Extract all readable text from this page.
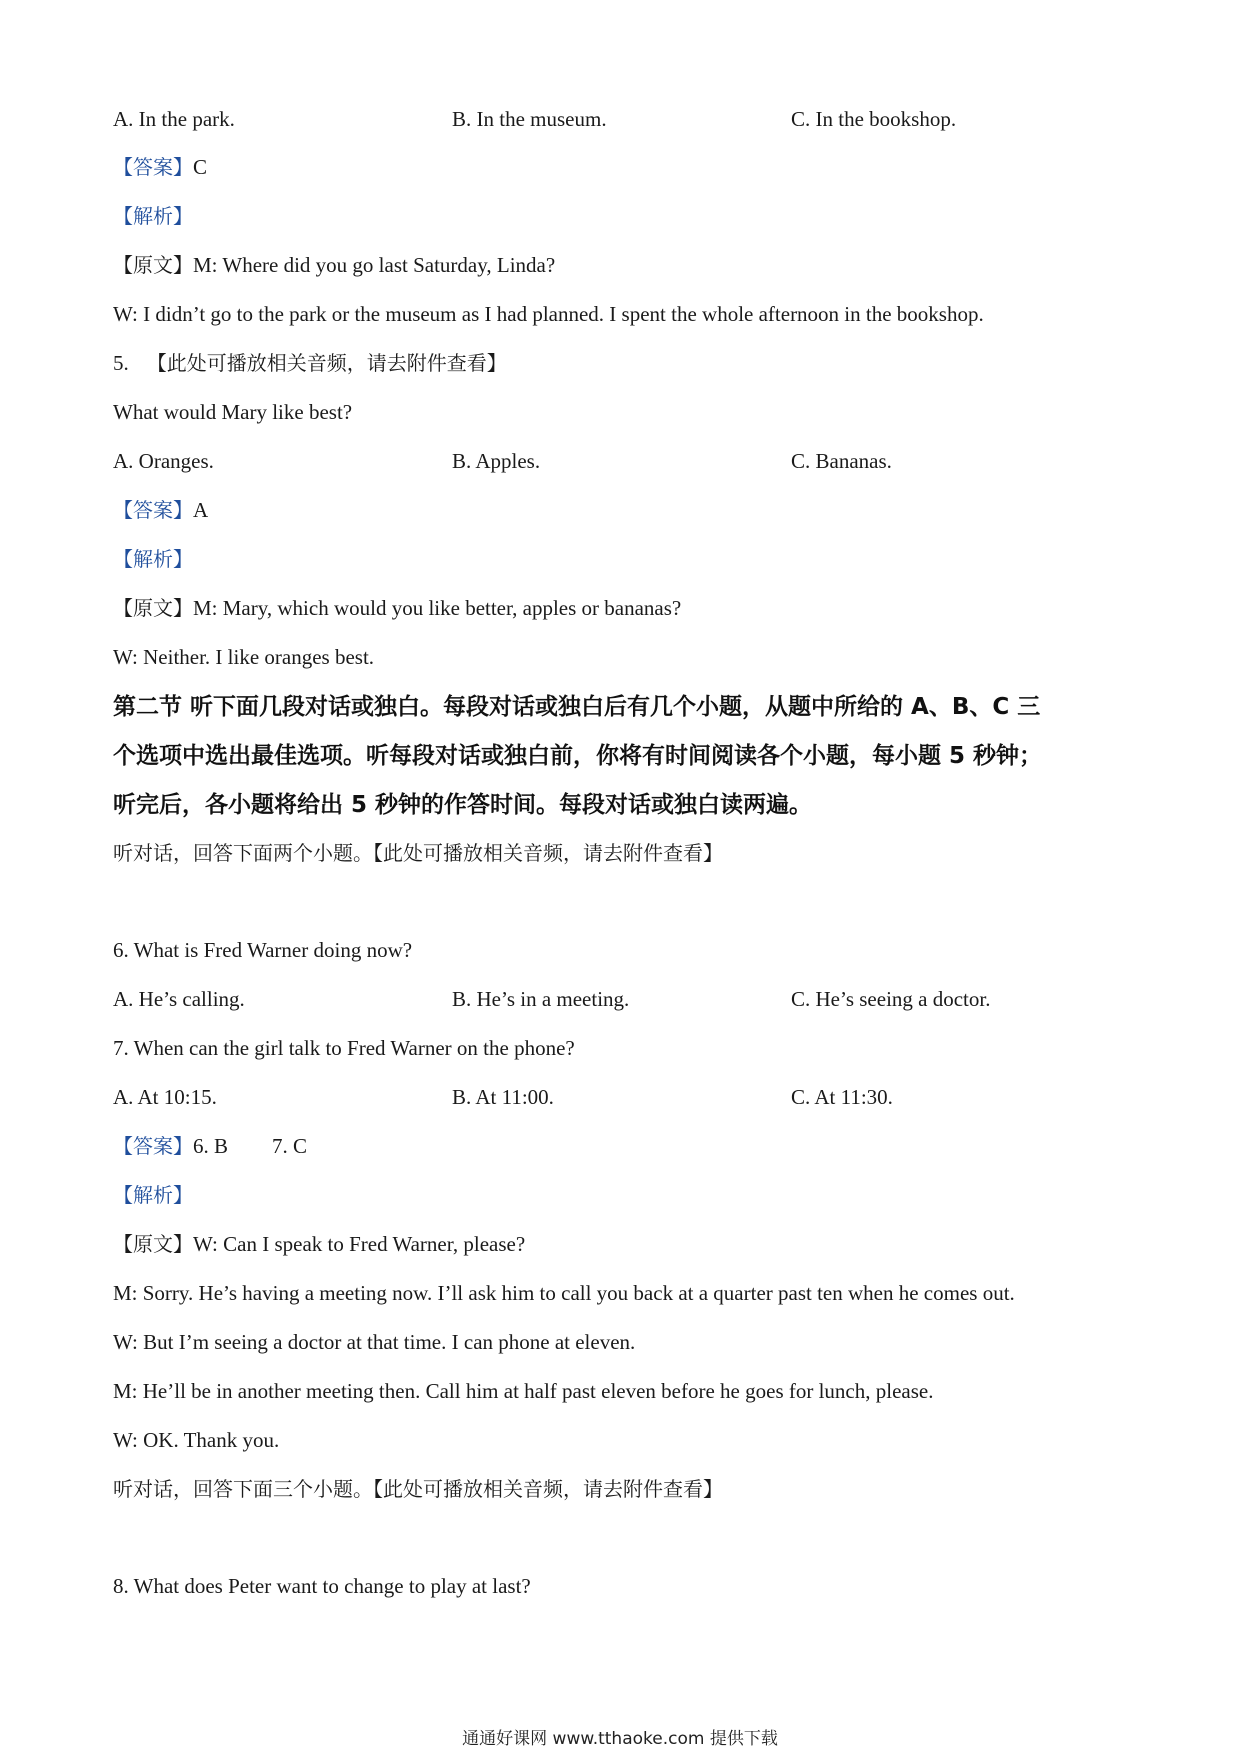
A. In the park.	B. In the museum.	C. In the bookshop.
【答案】C
【解析】
【原文】M: Where did you go last Saturday, Linda?
W: I didn’t go to the park or the museum as I had planned. I spent the whole afternoon in the bookshop.
5. 【此处可播放相关音频，请去附件查看】
What would Mary like best?
A. Oranges.	B. Apples.	C. Bananas.
【答案】A
【解析】
【原文】M: Mary, which would you like better, apples or bananas?
W: Neither. I like oranges best.
第二节 听下面几段对话或独白。每段对话或独白后有几个小题，从题中所给的 A、B、C 三
个选项中选出最佳选项。听每段对话或独白前，你将有时间阅读各个小题，每小题 5 秒钟；
听完后，各小题将给出 5 秒钟的作答时间。每段对话或独白读两遍。
听对话，回答下面两个小题。【此处可播放相关音频，请去附件查看】
6. What is Fred Warner doing now?
A. He’s calling.	B. He’s in a meeting.	C. He’s seeing a doctor.
7. When can the girl talk to Fred Warner on the phone?
A. At 10:15.	B. At 11:00.	C. At 11:30.
【答案】6. B 7. C
【解析】
【原文】W: Can I speak to Fred Warner, please?
M: Sorry. He’s having a meeting now. I’ll ask him to call you back at a quarter past ten when he comes out.
W: But I’m seeing a doctor at that time. I can phone at eleven.
M: He’ll be in another meeting then. Call him at half past eleven before he goes for lunch, please.
W: OK. Thank you.
听对话，回答下面三个小题。【此处可播放相关音频，请去附件查看】
8. What does Peter want to change to play at last?
通通好课网 www.tthaoke.com 提供下载
